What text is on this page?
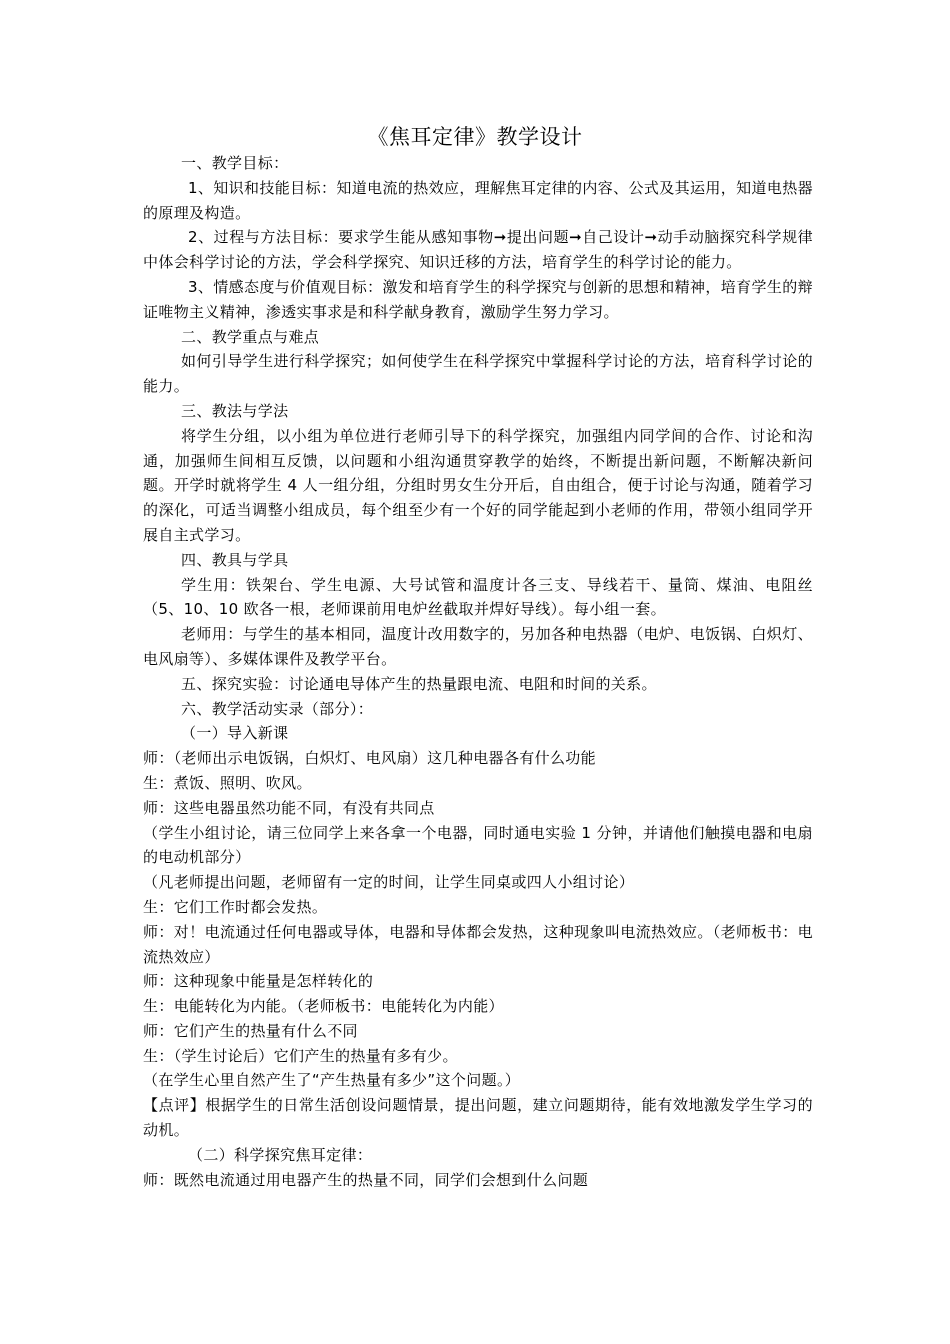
《焦耳定律》教学设计

一、教学目标：

1、知识和技能目标：知道电流的热效应，理解焦耳定律的内容、公式及其运用，知道电热器的原理及构造。

2、过程与方法目标：要求学生能从感知事物➞提出问题➞自己设计➞动手动脑探究科学规律中体会科学讨论的方法，学会科学探究、知识迁移的方法，培育学生的科学讨论的能力。

3、情感态度与价值观目标：激发和培育学生的科学探究与创新的思想和精神，培育学生的辩证唯物主义精神，渗透实事求是和科学献身教育，激励学生努力学习。

二、教学重点与难点

如何引导学生进行科学探究；如何使学生在科学探究中掌握科学讨论的方法，培育科学讨论的能力。

三、教法与学法

将学生分组，以小组为单位进行老师引导下的科学探究，加强组内同学间的合作、讨论和沟通，加强师生间相互反馈，以问题和小组沟通贯穿教学的始终，不断提出新问题，不断解决新问题。开学时就将学生 4 人一组分组，分组时男女生分开后，自由组合，便于讨论与沟通，随着学习的深化，可适当调整小组成员，每个组至少有一个好的同学能起到小老师的作用，带领小组同学开展自主式学习。

四、教具与学具

学生用：铁架台、学生电源、大号试管和温度计各三支、导线若干、量筒、煤油、电阻丝（5、10、10 欧各一根，老师课前用电炉丝截取并焊好导线）。每小组一套。

老师用：与学生的基本相同，温度计改用数字的，另加各种电热器（电炉、电饭锅、白炽灯、电风扇等）、多媒体课件及教学平台。

五、探究实验：讨论通电导体产生的热量跟电流、电阻和时间的关系。

六、教学活动实录（部分）：

（一）导入新课

师：（老师出示电饭锅，白炽灯、电风扇）这几种电器各有什么功能

生：煮饭、照明、吹风。

师：这些电器虽然功能不同，有没有共同点

（学生小组讨论，请三位同学上来各拿一个电器，同时通电实验 1 分钟，并请他们触摸电器和电扇的电动机部分）

（凡老师提出问题，老师留有一定的时间，让学生同桌或四人小组讨论）

生：它们工作时都会发热。

师：对！电流通过任何电器或导体，电器和导体都会发热，这种现象叫电流热效应。（老师板书：电流热效应）

师：这种现象中能量是怎样转化的

生：电能转化为内能。（老师板书：电能转化为内能）

师：它们产生的热量有什么不同

生：（学生讨论后）它们产生的热量有多有少。

（在学生心里自然产生了“产生热量有多少”这个问题。）

【点评】根据学生的日常生活创设问题情景，提出问题，建立问题期待，能有效地激发学生学习的动机。

（二）科学探究焦耳定律：

师：既然电流通过用电器产生的热量不同，同学们会想到什么问题
